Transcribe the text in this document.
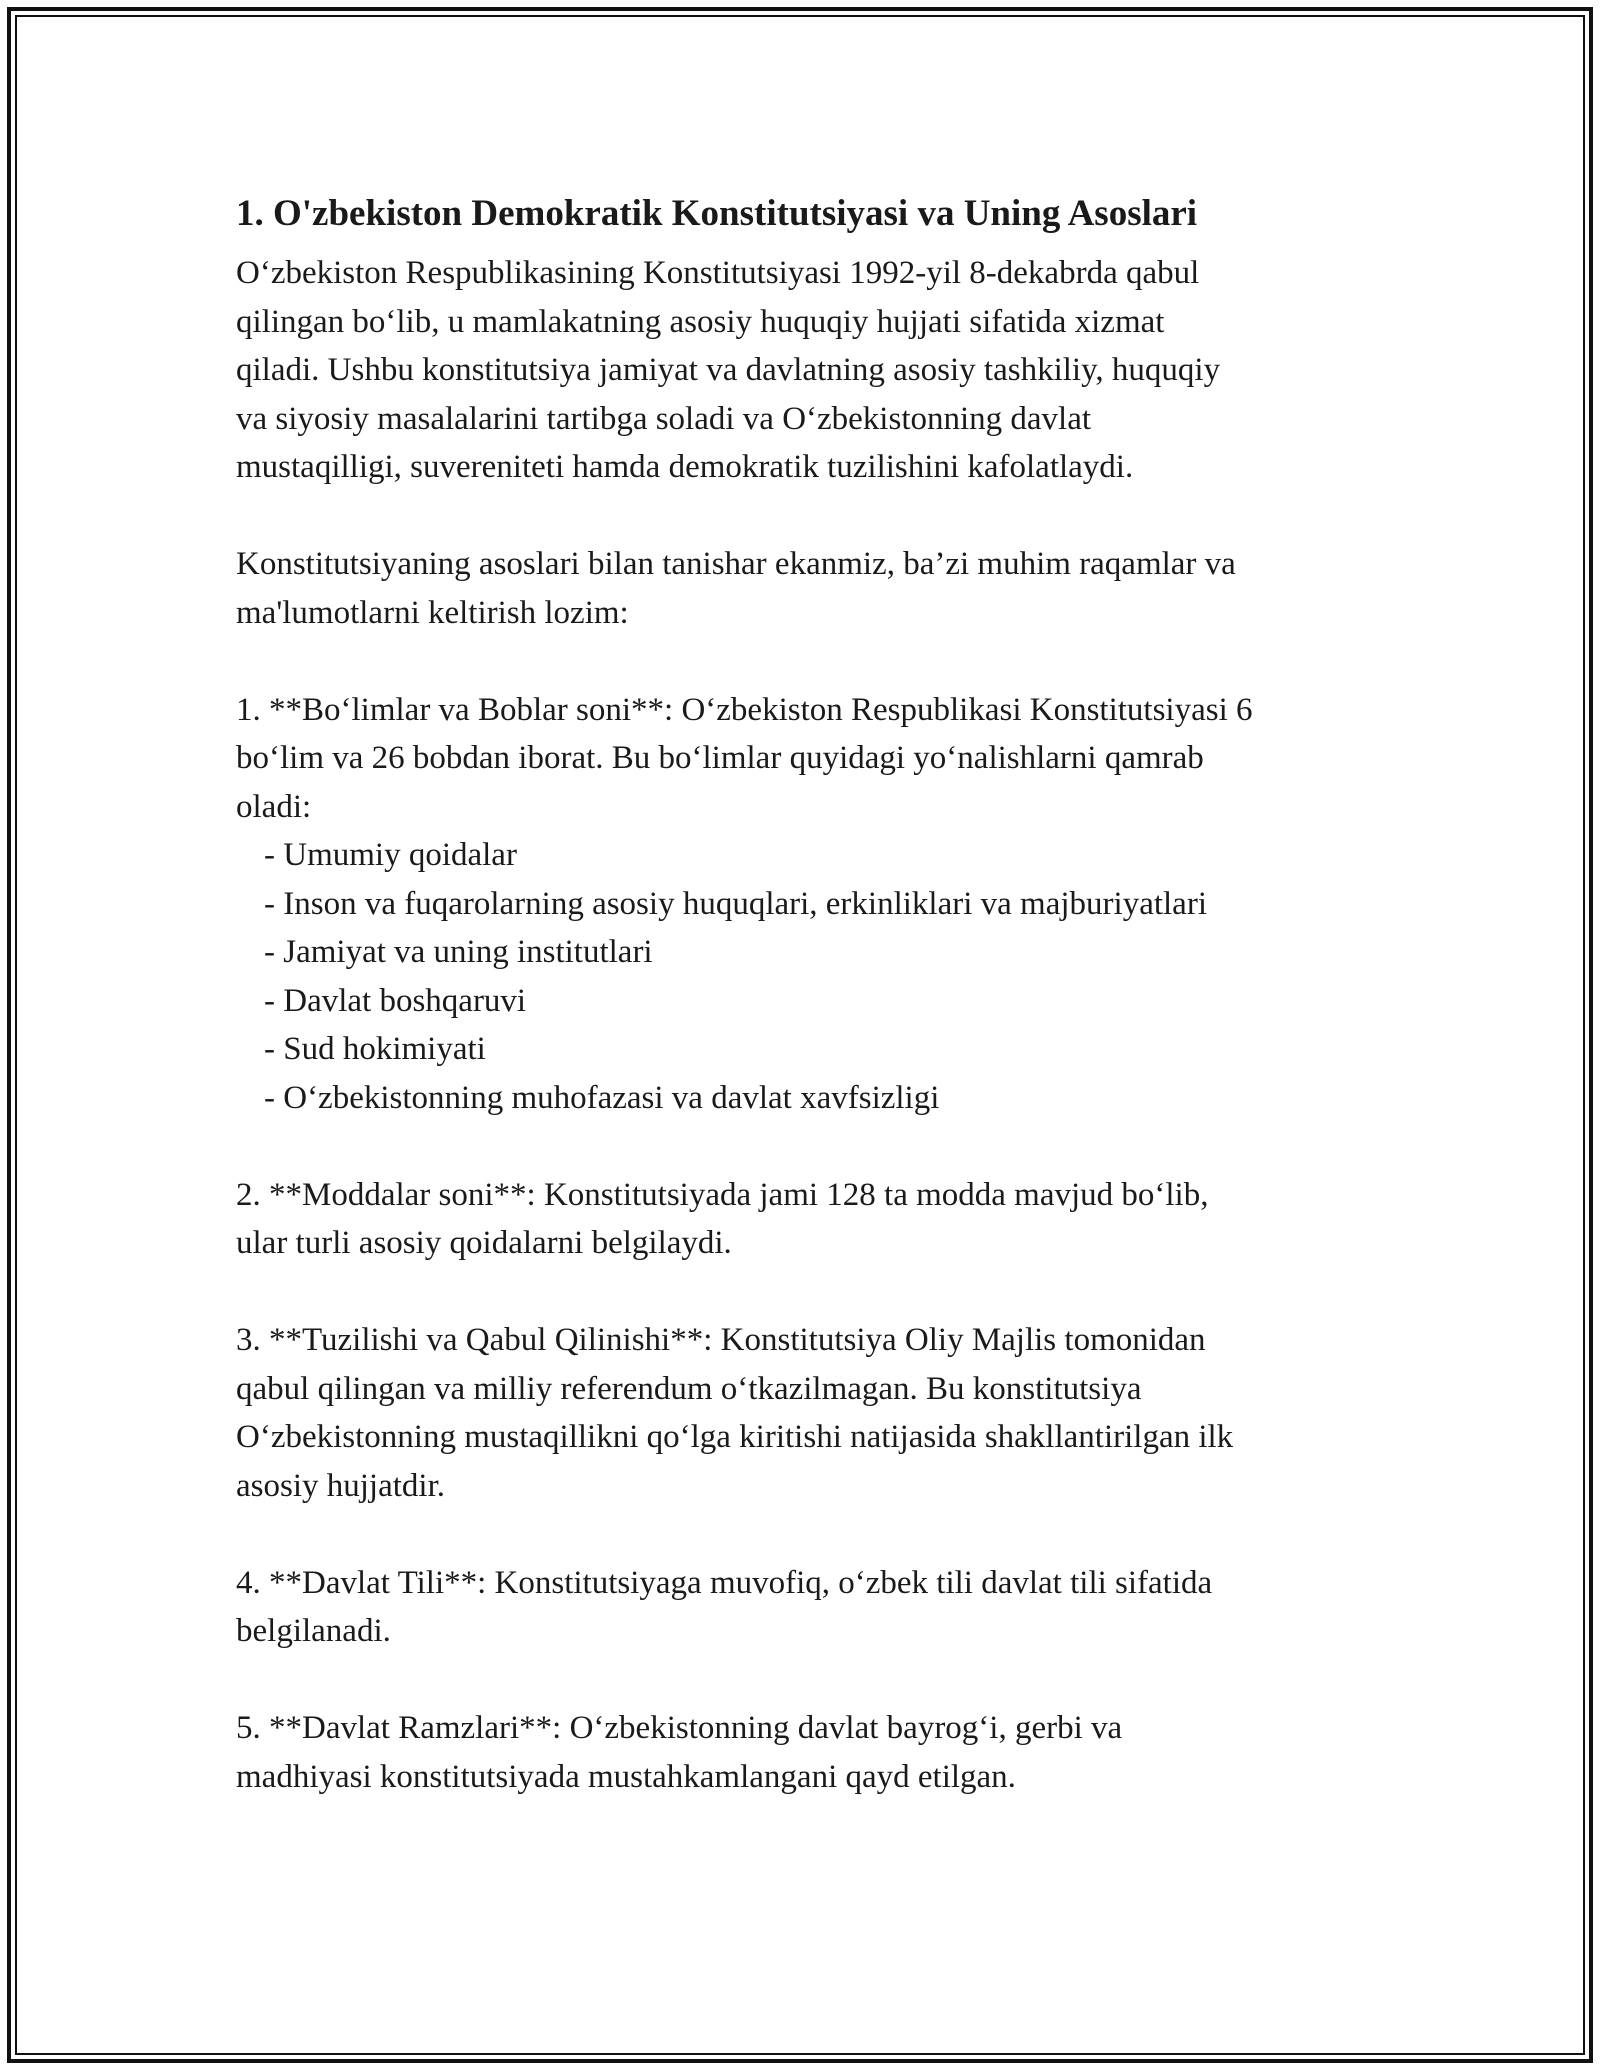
1. O'zbekiston Demokratik Konstitutsiyasi va Uning Asoslari
O‘zbekiston Respublikasining Konstitutsiyasi 1992-yil 8-dekabrda qabul
qilingan bo‘lib, u mamlakatning asosiy huquqiy hujjati sifatida xizmat
qiladi. Ushbu konstitutsiya jamiyat va davlatning asosiy tashkiliy, huquqiy
va siyosiy masalalarini tartibga soladi va O‘zbekistonning davlat
mustaqilligi, suvereniteti hamda demokratik tuzilishini kafolatlaydi.
Konstitutsiyaning asoslari bilan tanishar ekanmiz, ba’zi muhim raqamlar va
ma'lumotlarni keltirish lozim:
1. **Bo‘limlar va Boblar soni**: O‘zbekiston Respublikasi Konstitutsiyasi 6
bo‘lim va 26 bobdan iborat. Bu bo‘limlar quyidagi yo‘nalishlarni qamrab
oladi:
- Umumiy qoidalar
- Inson va fuqarolarning asosiy huquqlari, erkinliklari va majburiyatlari
- Jamiyat va uning institutlari
- Davlat boshqaruvi
- Sud hokimiyati
- O‘zbekistonning muhofazasi va davlat xavfsizligi
2. **Moddalar soni**: Konstitutsiyada jami 128 ta modda mavjud bo‘lib,
ular turli asosiy qoidalarni belgilaydi.
3. **Tuzilishi va Qabul Qilinishi**: Konstitutsiya Oliy Majlis tomonidan
qabul qilingan va milliy referendum o‘tkazilmagan. Bu konstitutsiya
O‘zbekistonning mustaqillikni qo‘lga kiritishi natijasida shakllantirilgan ilk
asosiy hujjatdir.
4. **Davlat Tili**: Konstitutsiyaga muvofiq, o‘zbek tili davlat tili sifatida
belgilanadi.
5. **Davlat Ramzlari**: O‘zbekistonning davlat bayrog‘i, gerbi va
madhiyasi konstitutsiyada mustahkamlangani qayd etilgan.
